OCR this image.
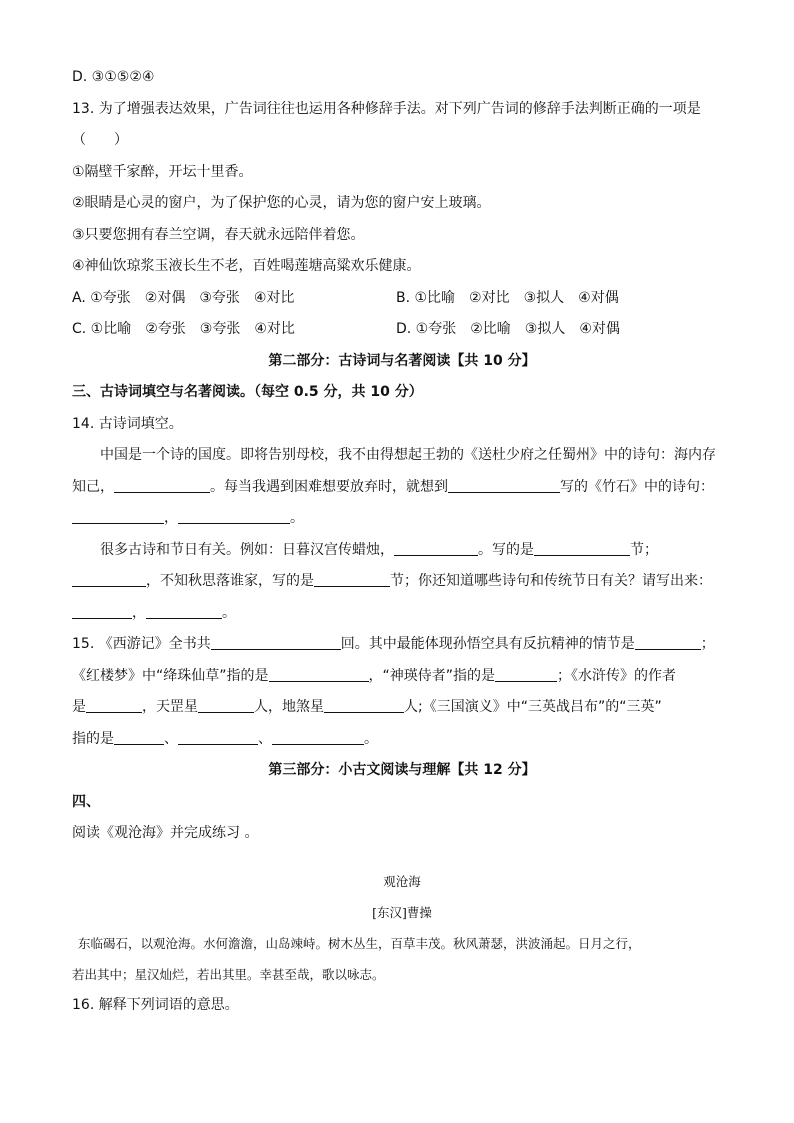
D. ③①⑤②④
13. 为了增强表达效果，广告词往往也运用各种修辞手法。对下列广告词的修辞手法判断正确的一项是
（　　）
①隔壁千家醉，开坛十里香。
②眼睛是心灵的窗户，为了保护您的心灵，请为您的窗户安上玻璃。
③只要您拥有春兰空调，春天就永远陪伴着您。
④神仙饮琼浆玉液长生不老，百姓喝莲塘高粱欢乐健康。
A. ①夸张　②对偶　③夸张　④对比	B. ①比喻　②对比　③拟人　④对偶
C. ①比喻　②夸张　③夸张　④对比	D. ①夸张　②比喻　③拟人　④对偶
第二部分：古诗词与名著阅读【共 10 分】
三、古诗词填空与名著阅读。（每空 0.5 分，共 10 分）
14. 古诗词填空。
中国是一个诗的国度。即将告别母校，我不由得想起王勃的《送杜少府之任蜀州》中的诗句：海内存
知己，	。每当我遇到困难想要放弃时，就想到	写的《竹石》中的诗句：
，	。
很多古诗和节日有关。例如：日暮汉宫传蜡烛，	。写的是	节；
，不知秋思落谁家，写的是	节；你还知道哪些诗句和传统节日有关？请写出来：
，	。
15. 《西游记》全书共	回。其中最能体现孙悟空具有反抗精神的情节是	；
《红楼梦》中“绛珠仙草”指的是	，“神瑛侍者”指的是	；《水浒传》的作者
是	，天罡星	人，地煞星	人;《三国演义》中“三英战吕布”的“三英”
指的是	、	、	。
第三部分：小古文阅读与理解【共 12 分】
四、
阅读《观沧海》并完成练习 。
观沧海
[东汉]曹操
东临碣石，以观沧海。水何澹澹，山岛竦峙。树木丛生，百草丰茂。秋风萧瑟，洪波涌起。日月之行，
若出其中；星汉灿烂，若出其里。幸甚至哉，歌以咏志。
16. 解释下列词语的意思。
